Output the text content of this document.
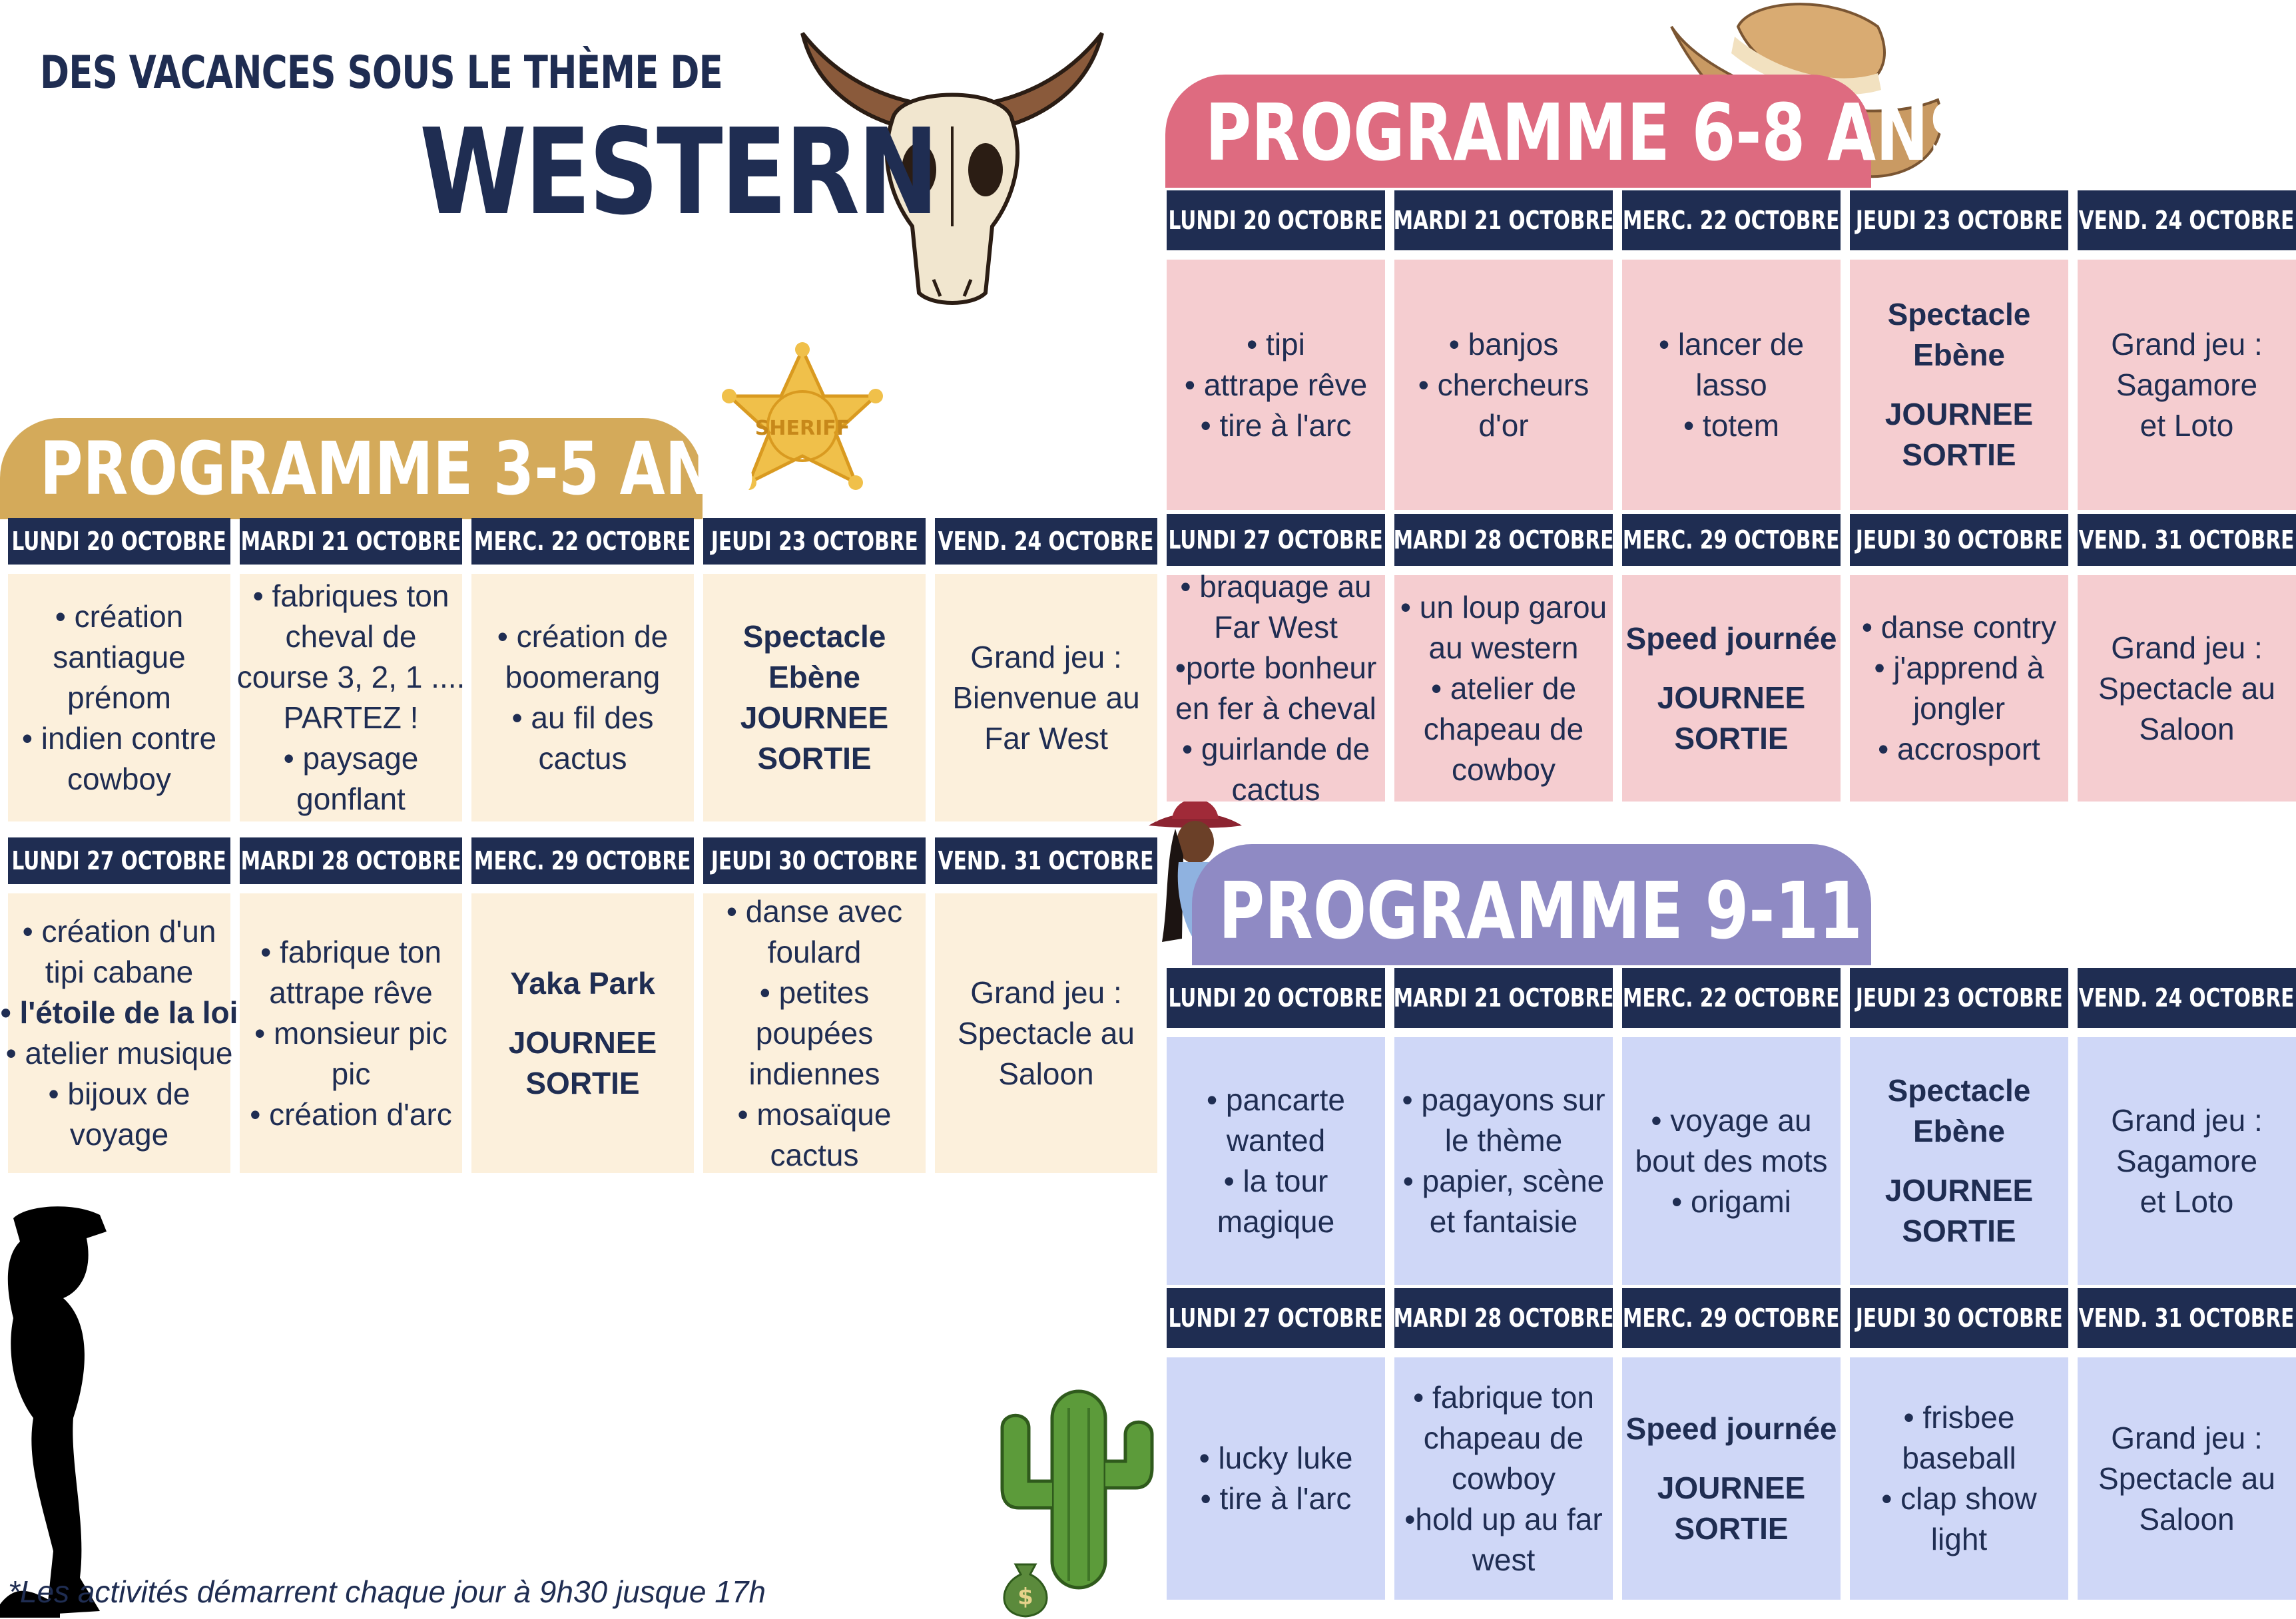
SHERIFF
$
DES VACANCES SOUS LE THÈME DE
WESTERN
PROGRAMME 3-5 ANS
PROGRAMME 6-8 ANS
PROGRAMME 9-11 ANS
LUNDI 20 OCTOBRE MARDI 21 OCTOBRE MERC. 22 OCTOBRE JEUDI 23 OCTOBRE VEND. 24 OCTOBRE
• création
santiague
prénom
• indien contre
cowboy
• fabriques ton
cheval de
course 3, 2, 1 ....
PARTEZ !
• paysage
gonflant
• création de
boomerang
• au fil des
cactus
Spectacle
Ebène
JOURNEE
SORTIE
Grand jeu :
Bienvenue au
Far West
LUNDI 27 OCTOBRE MARDI 28 OCTOBRE MERC. 29 OCTOBRE JEUDI 30 OCTOBRE VEND. 31 OCTOBRE
• création d'un
tipi cabane
• l'étoile de la loi
• atelier musique
• bijoux de
voyage
• fabrique ton
attrape rêve
• monsieur pic
pic
• création d'arc
Yaka Park
JOURNEE
SORTIE
• danse avec
foulard
• petites
poupées
indiennes
• mosaïque
cactus
Grand jeu :
Spectacle au
Saloon
LUNDI 20 OCTOBRE MARDI 21 OCTOBRE MERC. 22 OCTOBRE JEUDI 23 OCTOBRE VEND. 24 OCTOBRE
• tipi
• attrape rêve
• tire à l'arc
• banjos
• chercheurs
d'or
• lancer de
lasso
• totem
Spectacle
Ebène
JOURNEE
SORTIE
Grand jeu :
Sagamore
et Loto
LUNDI 27 OCTOBRE MARDI 28 OCTOBRE MERC. 29 OCTOBRE JEUDI 30 OCTOBRE VEND. 31 OCTOBRE
• braquage au
Far West
•porte bonheur
en fer à cheval
• guirlande de
cactus
• un loup garou
au western
• atelier de
chapeau de
cowboy
Speed journée
JOURNEE
SORTIE
• danse contry
• j'apprend à
jongler
• accrosport
Grand jeu :
Spectacle au
Saloon
LUNDI 20 OCTOBRE MARDI 21 OCTOBRE MERC. 22 OCTOBRE JEUDI 23 OCTOBRE VEND. 24 OCTOBRE
• pancarte
wanted
• la tour
magique
• pagayons sur
le thème
• papier, scène
et fantaisie
• voyage au
bout des mots
• origami
Spectacle
Ebène
JOURNEE
SORTIE
Grand jeu :
Sagamore
et Loto
LUNDI 27 OCTOBRE MARDI 28 OCTOBRE MERC. 29 OCTOBRE JEUDI 30 OCTOBRE VEND. 31 OCTOBRE
• lucky luke
• tire à l'arc
• fabrique ton
chapeau de
cowboy
•hold up au far
west
Speed journée
JOURNEE
SORTIE
• frisbee
baseball
• clap show
light
Grand jeu :
Spectacle au
Saloon
*Les activités démarrent chaque jour à 9h30 jusque 17h
